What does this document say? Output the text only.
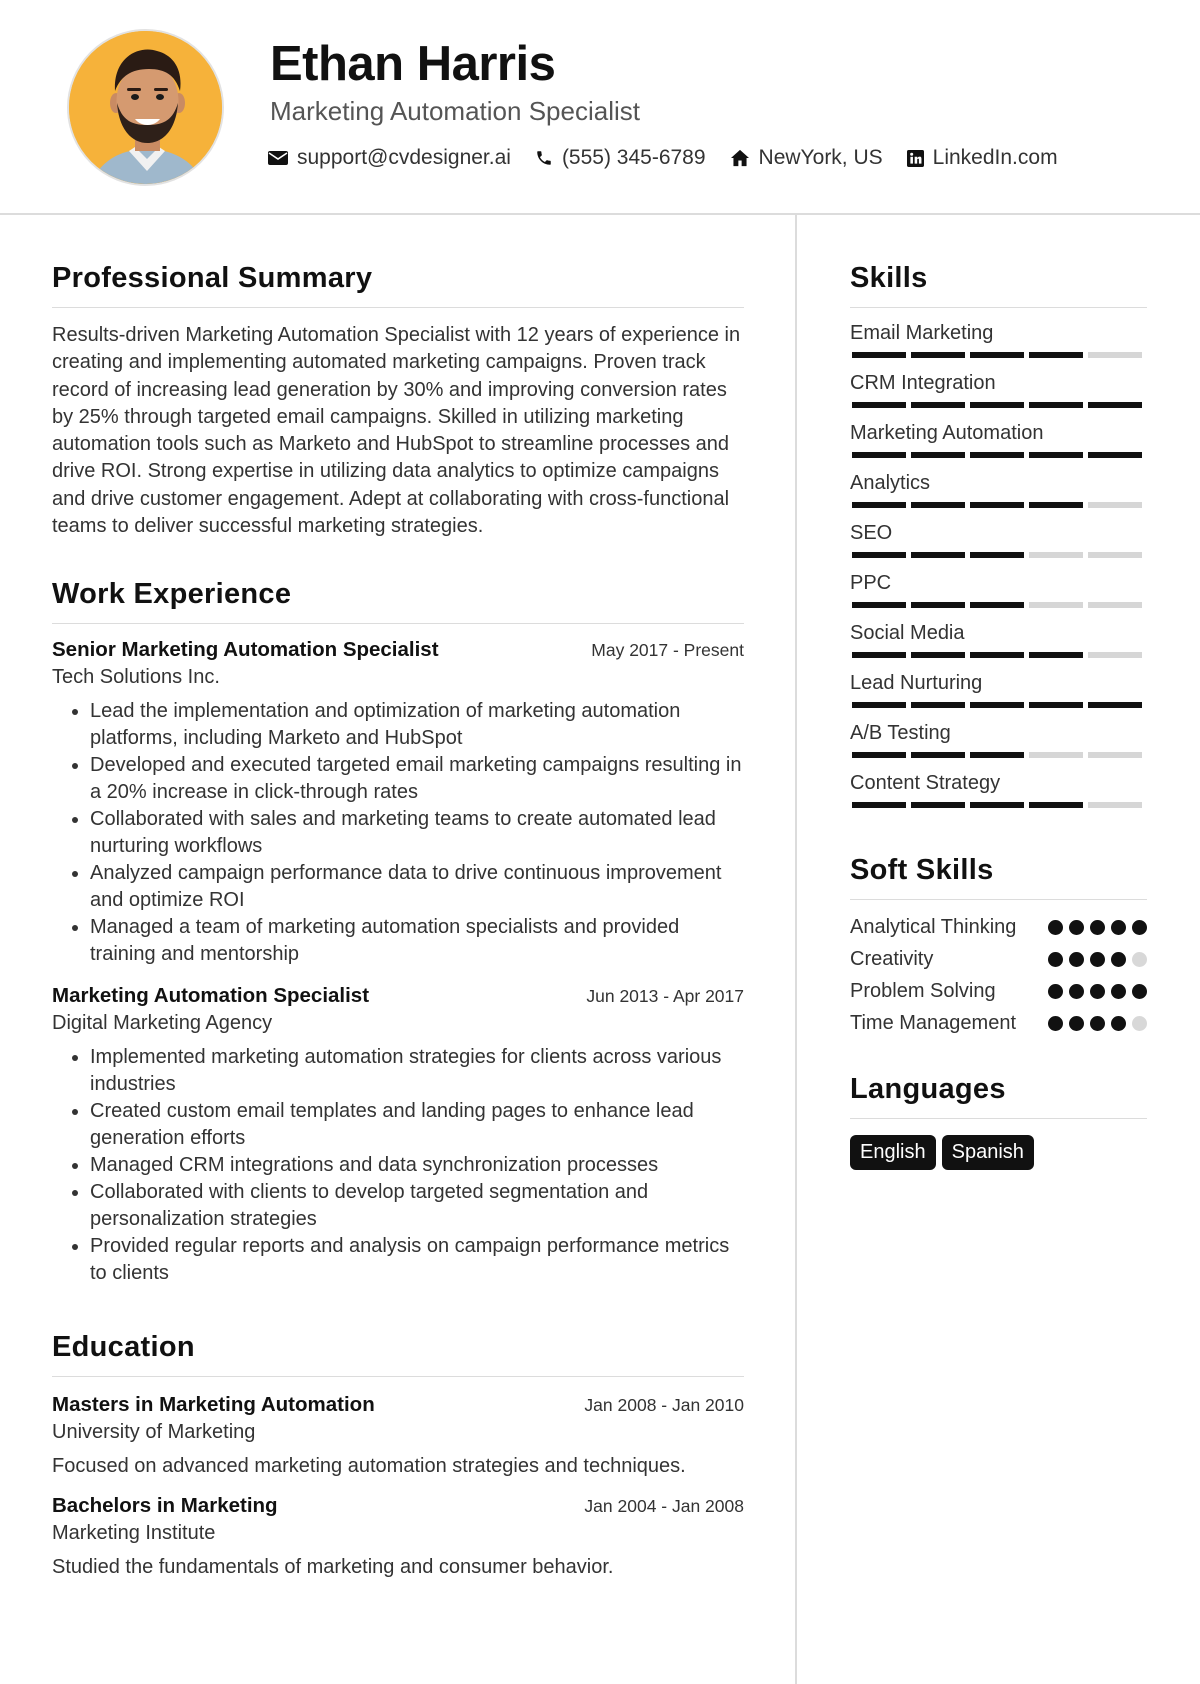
Ethan Harris
Marketing Automation Specialist
support@cvdesigner.ai (555) 345-6789	NewYork, US LinkedIn.com
Professional Summary

Results-driven Marketing Automation Specialist with 12 years of experience in creating and implementing automated marketing campaigns. Proven track record of increasing lead generation by 30% and improving conversion rates by 25% through targeted email campaigns. Skilled in utilizing marketing automation tools such as Marketo and HubSpot to streamline processes and drive ROI. Strong expertise in utilizing data analytics to optimize campaigns and drive customer engagement. Adept at collaborating with cross-functional teams to deliver successful marketing strategies.

Work Experience
Senior Marketing Automation Specialist	May 2017 - Present
Tech Solutions Inc.
• Lead the implementation and optimization of marketing automation platforms, including Marketo and HubSpot
• Developed and executed targeted email marketing campaigns resulting in a 20% increase in click-through rates
• Collaborated with sales and marketing teams to create automated lead nurturing workflows
• Analyzed campaign performance data to drive continuous improvement and optimize ROI
• Managed a team of marketing automation specialists and provided training and mentorship
Marketing Automation Specialist	Jun 2013 - Apr 2017
Digital Marketing Agency
• Implemented marketing automation strategies for clients across various industries
• Created custom email templates and landing pages to enhance lead generation efforts
• Managed CRM integrations and data synchronization processes
• Collaborated with clients to develop targeted segmentation and personalization strategies
• Provided regular reports and analysis on campaign performance metrics to clients
Education
Masters in Marketing Automation	Jan 2008 - Jan 2010
University of Marketing
Focused on advanced marketing automation strategies and techniques.
Bachelors in Marketing	Jan 2004 - Jan 2008
Marketing Institute
Studied the fundamentals of marketing and consumer behavior.
Skills
Email Marketing
CRM Integration
Marketing Automation
Analytics
SEO
PPC
Social Media
Lead Nurturing
A/B Testing
Content Strategy
Soft Skills
Analytical Thinking
Creativity
Problem Solving
Time Management
Languages
English	Spanish
